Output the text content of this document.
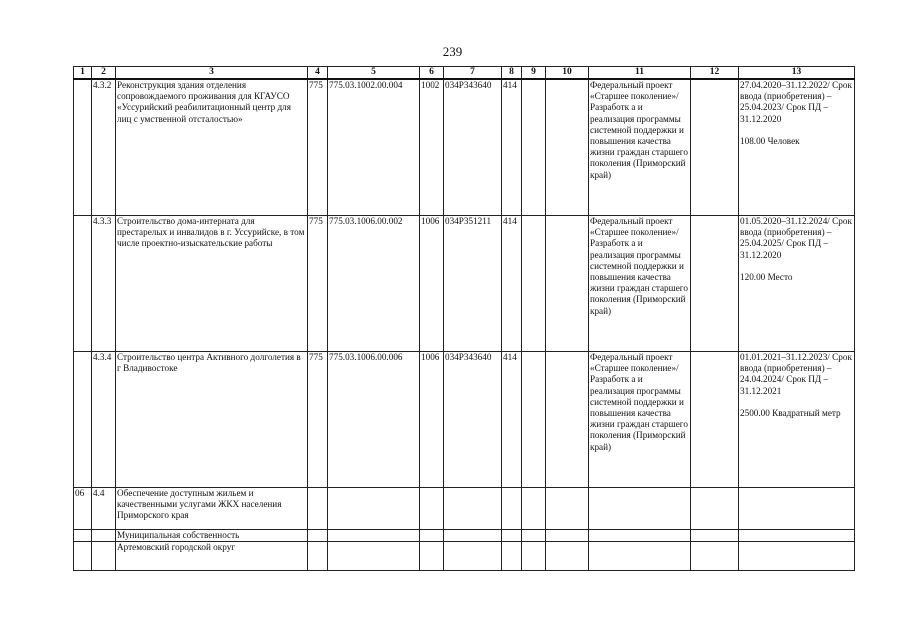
239
1	2	3	4	5	6	7	8	9	10	11	12	13
	4.3.2	Реконструкция здания отделения сопровождаемого проживания для КГАУСО «Уссурийский реабилитационный центр для лиц с умственной отсталостью»	775	775.03.1002.00.004	1002	034P343640	414			Федеральный проект «Старшее поколение»/Разработк а и реализация программы системной поддержки и повышения качества жизни граждан старшего поколения (Приморский край)		27.04.2020–31.12.2022/ Срок ввода (приобретения) – 25.04.2023/ Срок ПД – 31.12.2020
108.00 Человек

	4.3.3	Строительство дома-интерната для престарелых и инвалидов в г. Уссурийске, в том числе проектно-изыскательские работы	775	775.03.1006.00.002	1006	034P351211	414			Федеральный проект «Старшее поколение»/Разработк а и реализация программы системной поддержки и повышения качества жизни граждан старшего поколения (Приморский край)		01.05.2020–31.12.2024/ Срок ввода (приобретения) – 25.04.2025/ Срок ПД – 31.12.2020
120.00 Место

	4.3.4	Строительство центра Активного долголетия в г Владивостоке	775	775.03.1006.00.006	1006	034P343640	414			Федеральный проект «Старшее поколение»/Разработк а и реализация программы системной поддержки и повышения качества жизни граждан старшего поколения (Приморский край)		01.01.2021–31.12.2023/ Срок ввода (приобретения) – 24.04.2024/ Срок ПД – 31.12.2021
2500.00 Квадратный метр

06	4.4	Обеспечение доступным жильем и качественными услугами ЖКХ населения Приморского края										
		Муниципальная собственность										
		Артемовский городской округ										
